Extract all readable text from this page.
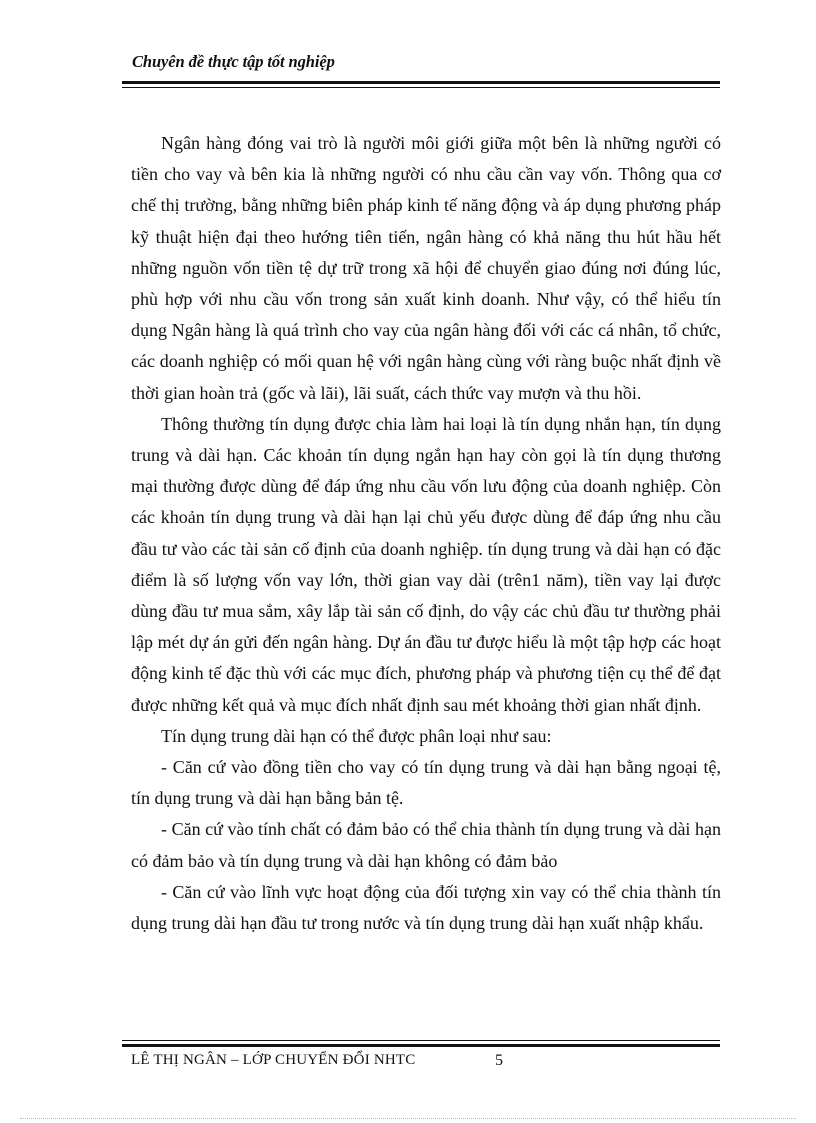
Chuyên đề thực tập tốt nghiệp

Ngân hàng đóng vai trò là người môi giới giữa một bên là những người có tiền cho vay và bên kia là những người có nhu cầu cần vay vốn. Thông qua cơ chế thị trường, bằng những biên pháp kinh tế năng động và áp dụng phương pháp kỹ thuật hiện đại theo hướng tiên tiến, ngân hàng có khả năng thu hút hầu hết những nguồn vốn tiền tệ dự trữ trong xã hội để chuyển giao đúng nơi đúng lúc, phù hợp với nhu cầu vốn trong sản xuất kinh doanh. Như vậy, có thể hiểu tín dụng Ngân hàng là quá trình cho vay của ngân hàng đối với các cá nhân, tổ chức, các doanh nghiệp có mối quan hệ với ngân hàng cùng với ràng buộc nhất định về thời gian hoàn trả (gốc và lãi), lãi suất, cách thức vay mượn và thu hồi.

Thông thường tín dụng được chia làm hai loại là tín dụng nhắn hạn, tín dụng trung và dài hạn. Các khoản tín dụng ngắn hạn hay còn gọi là tín dụng thương mại thường được dùng để đáp ứng nhu cầu vốn lưu động của doanh nghiệp. Còn các khoản tín dụng trung và dài hạn lại chủ yếu được dùng để đáp ứng nhu cầu đầu tư vào các tài sản cố định của doanh nghiệp. tín dụng trung và dài hạn có đặc điểm là số lượng vốn vay lớn, thời gian vay dài (trên1 năm), tiền vay lại được dùng đầu tư mua sắm, xây lắp tài sản cố định, do vậy các chủ đầu tư thường phải lập mét dự án gửi đến ngân hàng. Dự án đầu tư được hiểu là một tập hợp các hoạt động kinh tế đặc thù với các mục đích, phương pháp và phương tiện cụ thể để đạt được những kết quả và mục đích nhất định sau mét khoảng thời gian nhất định.

Tín dụng trung dài hạn có thể được phân loại như sau:

- Căn cứ vào đồng tiền cho vay có tín dụng trung và dài hạn bằng ngoại tệ, tín dụng trung và dài hạn bằng bản tệ.

- Căn cứ vào tính chất có đảm bảo có thể chia thành tín dụng trung và dài hạn có đảm bảo và tín dụng trung và dài hạn không có đảm bảo

- Căn cứ vào lĩnh vực hoạt động của đối tượng xin vay có thể chia thành tín dụng trung dài hạn đầu tư trong nước và tín dụng trung dài hạn xuất nhập khẩu.

LÊ THỊ NGÂN – LỚP CHUYỂN ĐỔI NHTC	5
